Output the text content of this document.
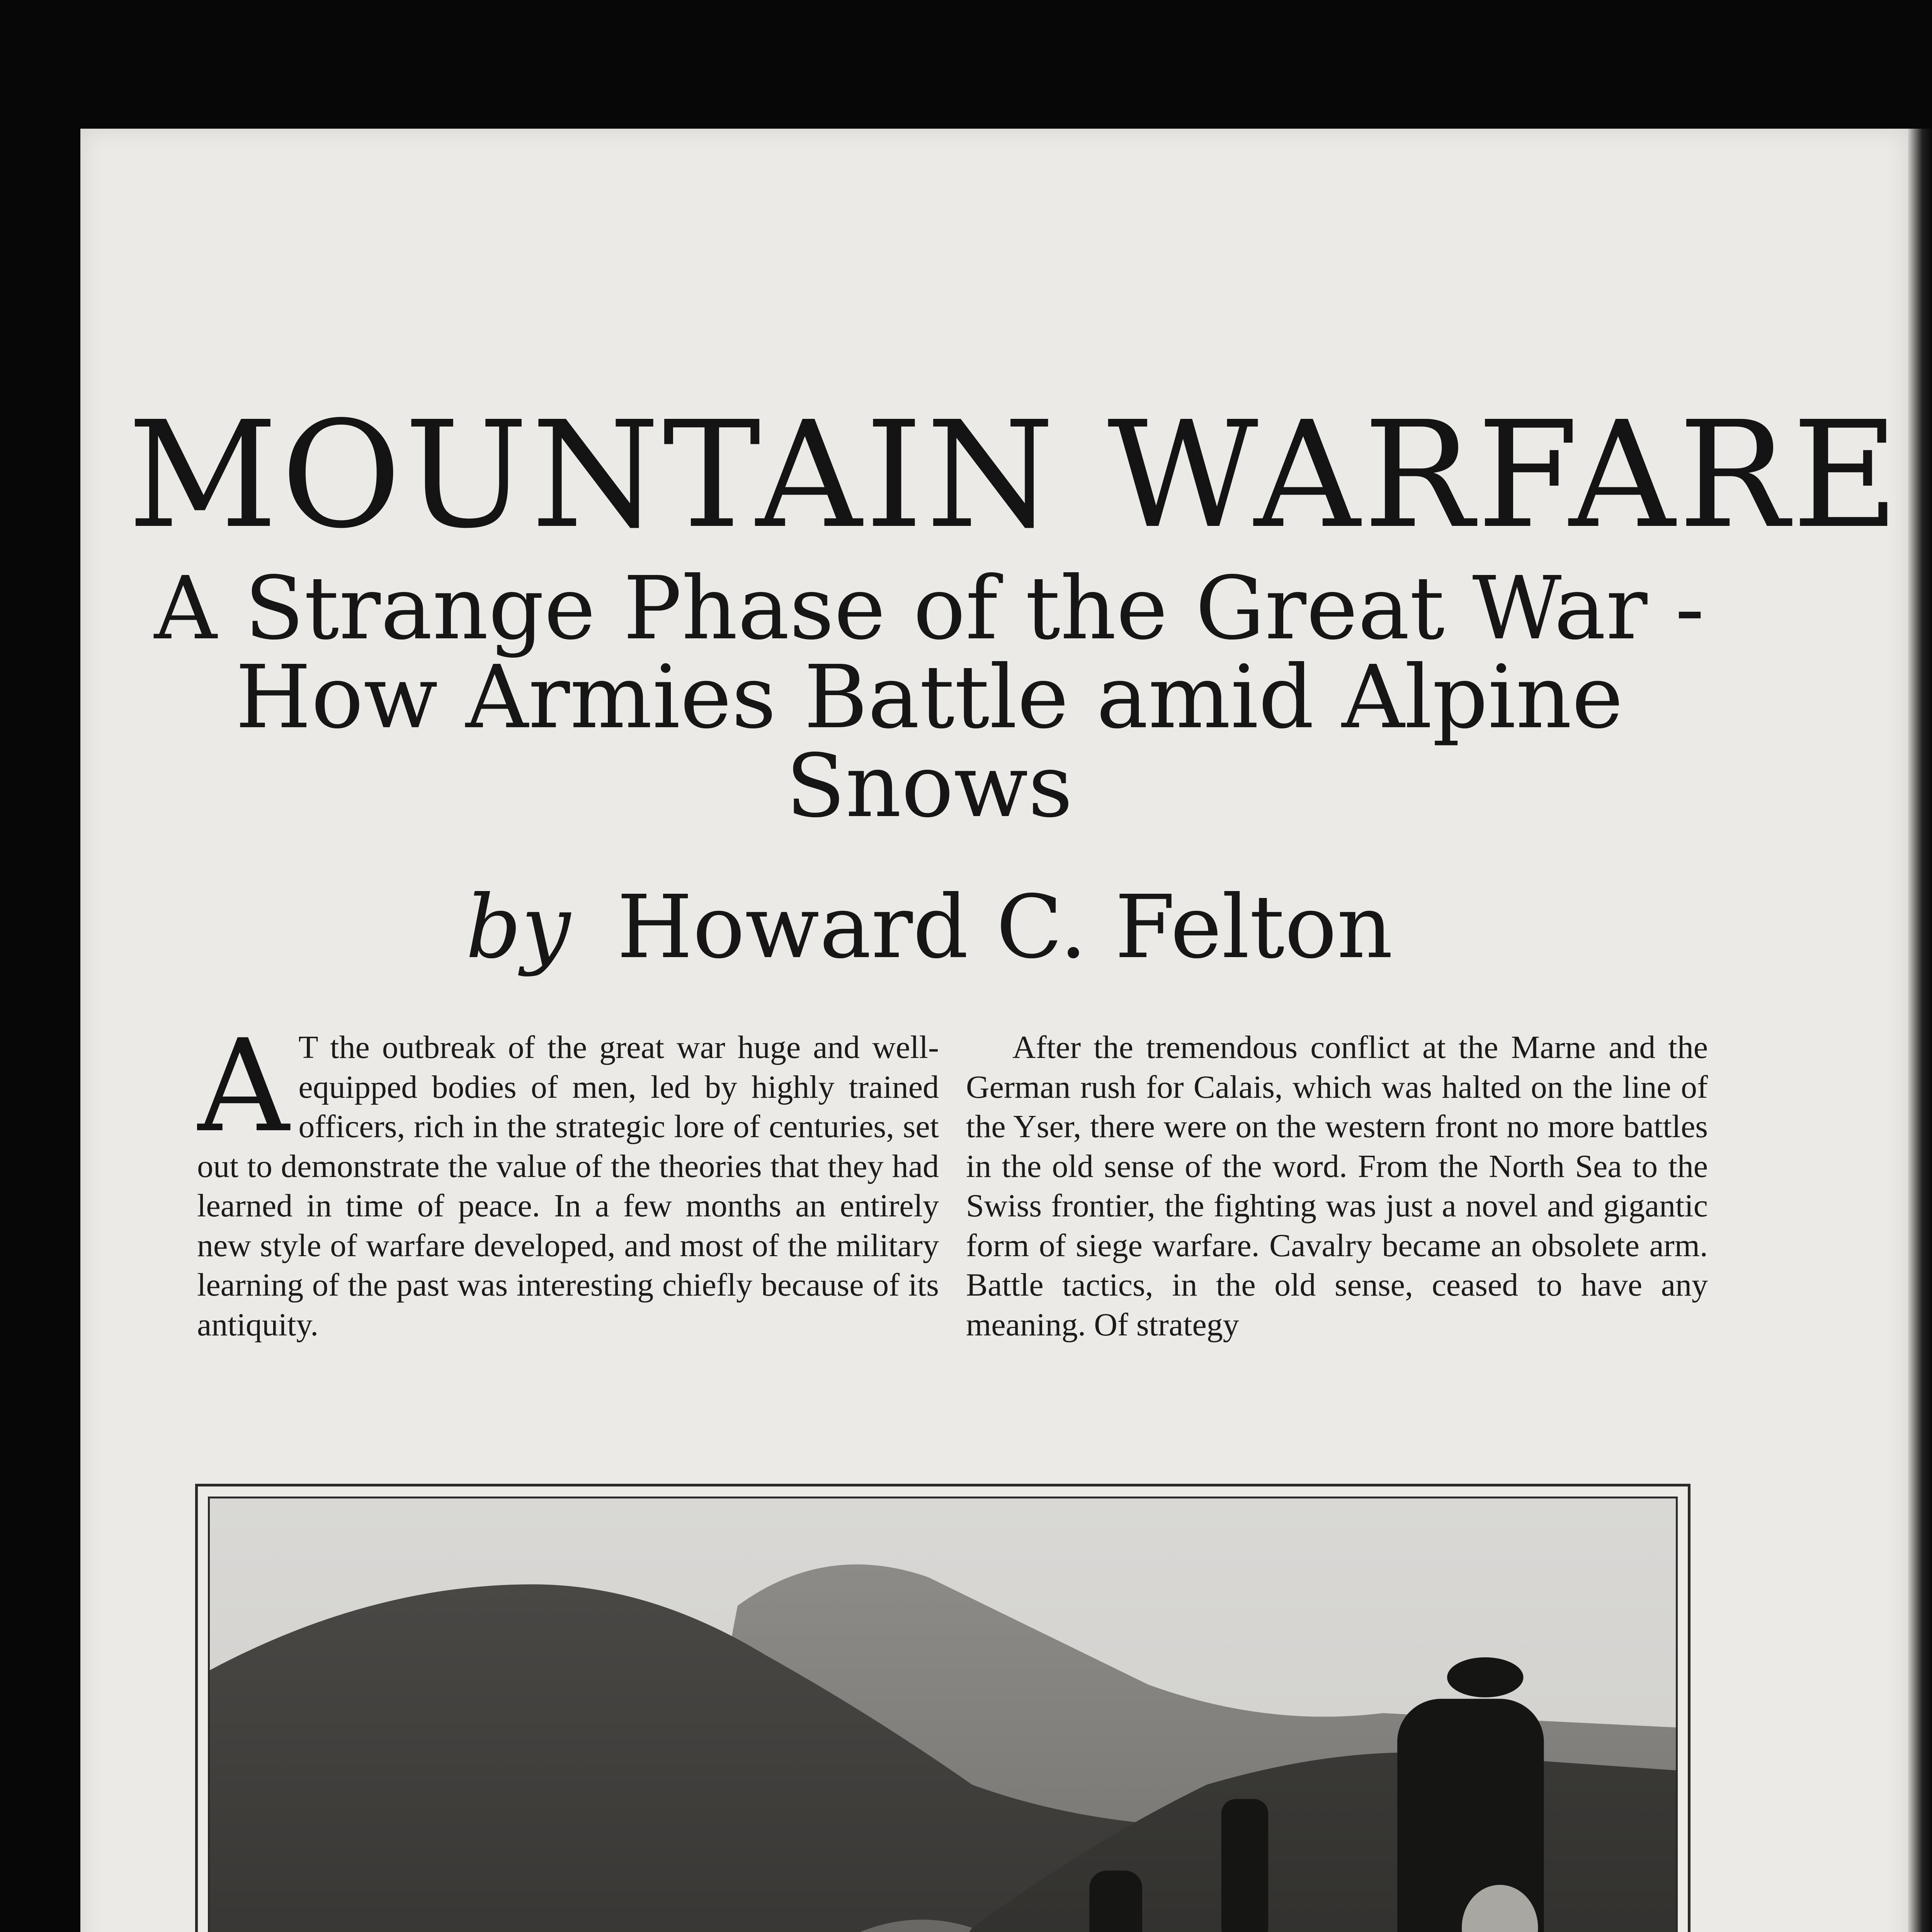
MOUNTAIN WARFARE
A Strange Phase of the Great War -How Armies Battle amid Alpine Snows
by Howard C. Felton
A T the outbreak of the great war huge and well-equipped bodies of men, led by highly trained officers, rich in the strategic lore of centuries, set out to demonstrate the value of the theories that they had learned in time of peace. In a few months an entirely new style of warfare developed, and most of the military learning of the past was interesting chiefly because of its antiquity.

After the tremendous conflict at the Marne and the German rush for Calais, which was halted on the line of the Yser, there were on the western front no more battles in the old sense of the word. From the North Sea to the Swiss frontier, the fighting was just a novel and gigantic form of siege warfare. Cavalry became an obsolete arm. Battle tactics, in the old sense, ceased to have any meaning. Of strategy
